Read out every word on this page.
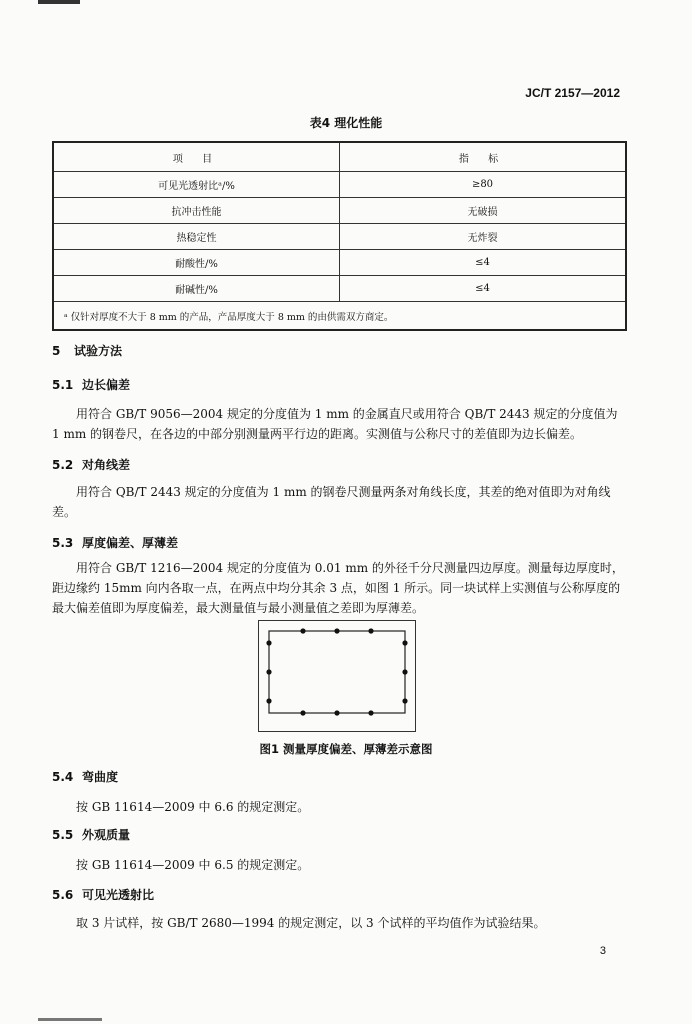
JC/T 2157—2012
表4 理化性能
项 目	指 标
可见光透射比ᵃ/%	≥80
抗冲击性能	无破损
热稳定性	无炸裂
耐酸性/%	≤4
耐碱性/%	≤4
ᵃ 仅针对厚度不大于 8 mm 的产品，产品厚度大于 8 mm 的由供需双方商定。	
5 试验方法
5.1 边长偏差
用符合 GB/T 9056—2004 规定的分度值为 1 mm 的金属直尺或用符合 QB/T 2443 规定的分度值为 1 mm 的钢卷尺，在各边的中部分别测量两平行边的距离。实测值与公称尺寸的差值即为边长偏差。
5.2 对角线差
用符合 QB/T 2443 规定的分度值为 1 mm 的钢卷尺测量两条对角线长度，其差的绝对值即为对角线差。
5.3 厚度偏差、厚薄差
用符合 GB/T 1216—2004 规定的分度值为 0.01 mm 的外径千分尺测量四边厚度。测量每边厚度时，距边缘约 15mm 向内各取一点，在两点中均分其余 3 点，如图 1 所示。同一块试样上实测值与公称厚度的最大偏差值即为厚度偏差，最大测量值与最小测量值之差即为厚薄差。
图1 测量厚度偏差、厚薄差示意图
5.4 弯曲度
按 GB 11614—2009 中 6.6 的规定测定。
5.5 外观质量
按 GB 11614—2009 中 6.5 的规定测定。
5.6 可见光透射比
取 3 片试样，按 GB/T 2680—1994 的规定测定，以 3 个试样的平均值作为试验结果。
3
